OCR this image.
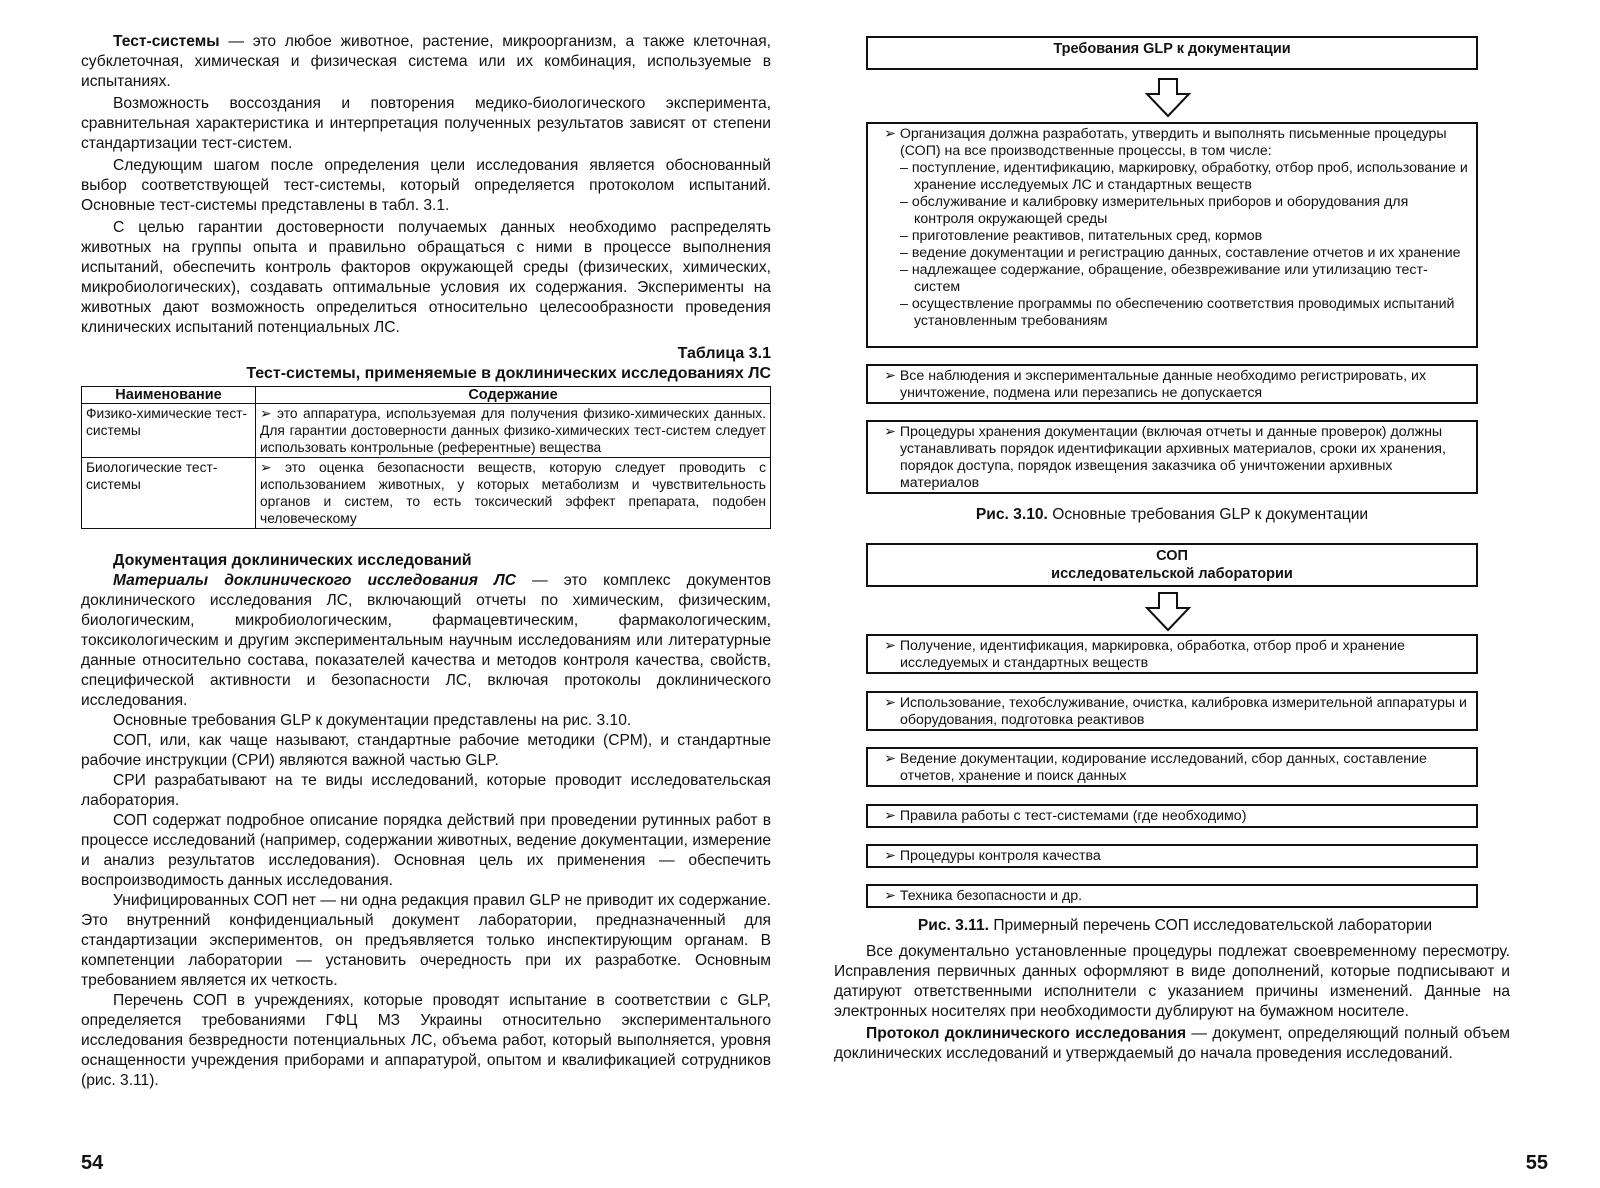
Тест-системы — это любое животное, растение, микроорганизм, а также клеточная, субклеточная, химическая и физическая система или их комбинация, используемые в испытаниях.

Возможность воссоздания и повторения медико-биологического эксперимента, сравнительная характеристика и интерпретация полученных результатов зависят от степени стандартизации тест-систем.

Следующим шагом после определения цели исследования является обоснованный выбор соответствующей тест-системы, который определяется протоколом испытаний. Основные тест-системы представлены в табл. 3.1.

С целью гарантии достоверности получаемых данных необходимо распределять животных на группы опыта и правильно обращаться с ними в процессе выполнения испытаний, обеспечить контроль факторов окружающей среды (физических, химических, микробиологических), создавать оптимальные условия их содержания. Эксперименты на животных дают возможность определиться относительно целесообразности проведения клинических испытаний потенциальных ЛС.

Таблица 3.1
Тест-системы, применяемые в доклинических исследованиях ЛС
Наименование	Содержание
Физико-химические тест-системы	➢ это аппаратура, используемая для получения физико-химических данных. Для гарантии достоверности данных физико-химических тест-систем следует использовать контрольные (референтные) вещества
Биологические тест-системы	➢ это оценка безопасности веществ, которую следует проводить с использованием животных, у которых метаболизм и чувствительность органов и систем, то есть токсический эффект препарата, подобен человеческому
Документация доклинических исследований

Материалы доклинического исследования ЛС — это комплекс документов доклинического исследования ЛС, включающий отчеты по химическим, физическим, биологическим, микробиологическим, фармацевтическим, фармакологическим, токсикологическим и другим экспериментальным научным исследованиям или литературные данные относительно состава, показателей качества и методов контроля качества, свойств, специфической активности и безопасности ЛС, включая протоколы доклинического исследования.

Основные требования GLP к документации представлены на рис. 3.10.

СОП, или, как чаще называют, стандартные рабочие методики (СРМ), и стандартные рабочие инструкции (СРИ) являются важной частью GLP.

СРИ разрабатывают на те виды исследований, которые проводит исследовательская лаборатория.

СОП содержат подробное описание порядка действий при проведении рутинных работ в процессе исследований (например, содержании животных, ведение документации, измерение и анализ результатов исследования). Основная цель их применения — обеспечить воспроизводимость данных исследования.

Унифицированных СОП нет — ни одна редакция правил GLP не приводит их содержание. Это внутренний конфиденциальный документ лаборатории, предназначенный для стандартизации экспериментов, он предъявляется только инспектирующим органам. В компетенции лаборатории — установить очередность при их разработке. Основным требованием является их четкость.

Перечень СОП в учреждениях, которые проводят испытание в соответствии с GLP, определяется требованиями ГФЦ МЗ Украины относительно экспериментального исследования безвредности потенциальных ЛС, объема работ, который выполняется, уровня оснащенности учреждения приборами и аппаратурой, опытом и квалификацией сотрудников (рис. 3.11).

54
Требования GLP к документации
➢ Организация должна разработать, утвердить и выполнять письменные процедуры (СОП) на все производственные процессы, в том числе:
– поступление, идентификацию, маркировку, обработку, отбор проб, использование и хранение исследуемых ЛС и стандартных веществ
– обслуживание и калибровку измерительных приборов и оборудования для контроля окружающей среды
– приготовление реактивов, питательных сред, кормов
– ведение документации и регистрацию данных, составление отчетов и их хранение
– надлежащее содержание, обращение, обезвреживание или утилизацию тест-систем
– осуществление программы по обеспечению соответствия проводимых испытаний установленным требованиям
➢ Все наблюдения и экспериментальные данные необходимо регистрировать, их уничтожение, подмена или перезапись не допускается
➢ Процедуры хранения документации (включая отчеты и данные проверок) должны устанавливать порядок идентификации архивных материалов, сроки их хранения, порядок доступа, порядок извещения заказчика об уничтожении архивных материалов
Рис. 3.10. Основные требования GLP к документации
СОП
исследовательской лаборатории
➢ Получение, идентификация, маркировка, обработка, отбор проб и хранение исследуемых и стандартных веществ
➢ Использование, техобслуживание, очистка, калибровка измерительной аппаратуры и оборудования, подготовка реактивов
➢ Ведение документации, кодирование исследований, сбор данных, составление отчетов, хранение и поиск данных
➢ Правила работы с тест-системами (где необходимо)
➢ Процедуры контроля качества
➢ Техника безопасности и др.
Рис. 3.11. Примерный перечень СОП исследовательской лаборатории

Все документально установленные процедуры подлежат своевременному пересмотру. Исправления первичных данных оформляют в виде дополнений, которые подписывают и датируют ответственными исполнители с указанием причины изменений. Данные на электронных носителях при необходимости дублируют на бумажном носителе.

Протокол доклинического исследования — документ, определяющий полный объем доклинических исследований и утверждаемый до начала проведения исследований.

55
